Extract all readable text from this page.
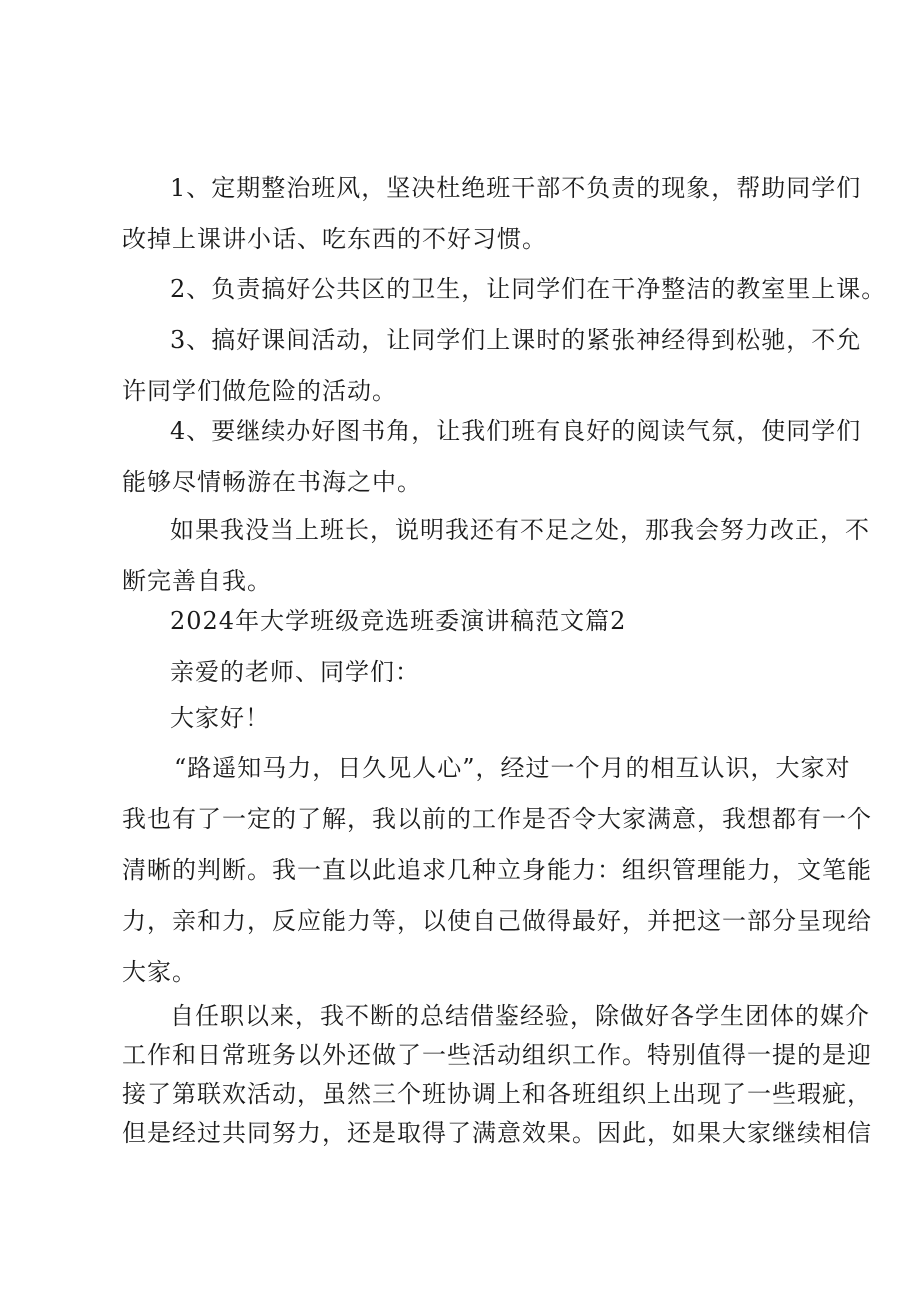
1、定期整治班风，坚决杜绝班干部不负责的现象，帮助同学们
改掉上课讲小话、吃东西的不好习惯。

2、负责搞好公共区的卫生，让同学们在干净整洁的教室里上课。

3、搞好课间活动，让同学们上课时的紧张神经得到松驰，不允
许同学们做危险的活动。

4、要继续办好图书角，让我们班有良好的阅读气氛，使同学们
能够尽情畅游在书海之中。

如果我没当上班长，说明我还有不足之处，那我会努力改正，不
断完善自我。

2024年大学班级竞选班委演讲稿范文篇2

亲爱的老师、同学们：

大家好！

“路遥知马力，日久见人心”，经过一个月的相互认识，大家对
我也有了一定的了解，我以前的工作是否令大家满意，我想都有一个
清晰的判断。我一直以此追求几种立身能力：组织管理能力，文笔能
力，亲和力，反应能力等，以使自己做得最好，并把这一部分呈现给
大家。

自任职以来，我不断的总结借鉴经验，除做好各学生团体的媒介
工作和日常班务以外还做了一些活动组织工作。特别值得一提的是迎
接了第联欢活动，虽然三个班协调上和各班组织上出现了一些瑕疵，
但是经过共同努力，还是取得了满意效果。因此，如果大家继续相信
